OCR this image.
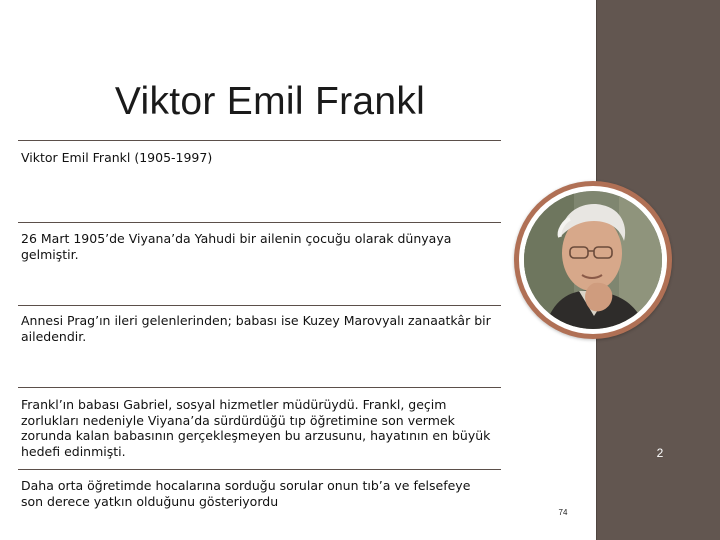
Viktor Emil Frankl
Viktor Emil Frankl (1905-1997)
26 Mart 1905’de Viyana’da Yahudi bir ailenin çocuğu olarak dünyaya gelmiştir.
Annesi Prag’ın ileri gelenlerinden; babası ise Kuzey Marovyalı zanaatkâr bir ailedendir.
Frankl’ın babası Gabriel, sosyal hizmetler müdürüydü. Frankl, geçim zorlukları nedeniyle Viyana’da sürdürdüğü tıp öğretimine son vermek zorunda kalan babasının gerçekleşmeyen bu arzusunu, hayatının en büyük hedefi edinmişti.
Daha orta öğretimde hocalarına sorduğu sorular onun tıb’a ve felsefeye son derece yatkın olduğunu gösteriyordu
2
74
